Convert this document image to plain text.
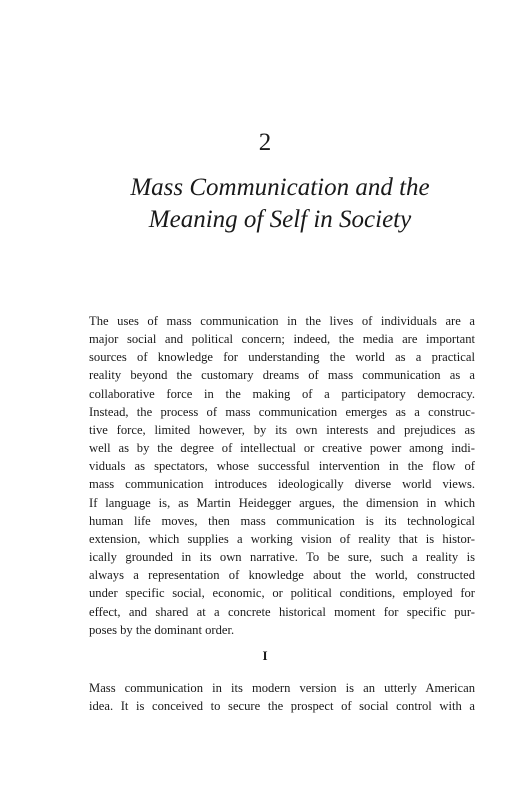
2
Mass Communication and the
Meaning of Self in Society
The uses of mass communication in the lives of individuals are a
major social and political concern; indeed, the media are important
sources of knowledge for understanding the world as a practical
reality beyond the customary dreams of mass communication as a
collaborative force in the making of a participatory democracy.
Instead, the process of mass communication emerges as a construc-
tive force, limited however, by its own interests and prejudices as
well as by the degree of intellectual or creative power among indi-
viduals as spectators, whose successful intervention in the flow of
mass communication introduces ideologically diverse world views.
If language is, as Martin Heidegger argues, the dimension in which
human life moves, then mass communication is its technological
extension, which supplies a working vision of reality that is histor-
ically grounded in its own narrative. To be sure, such a reality is
always a representation of knowledge about the world, constructed
under specific social, economic, or political conditions, employed for
effect, and shared at a concrete historical moment for specific pur-
poses by the dominant order.
I
Mass communication in its modern version is an utterly American
idea. It is conceived to secure the prospect of social control with a
